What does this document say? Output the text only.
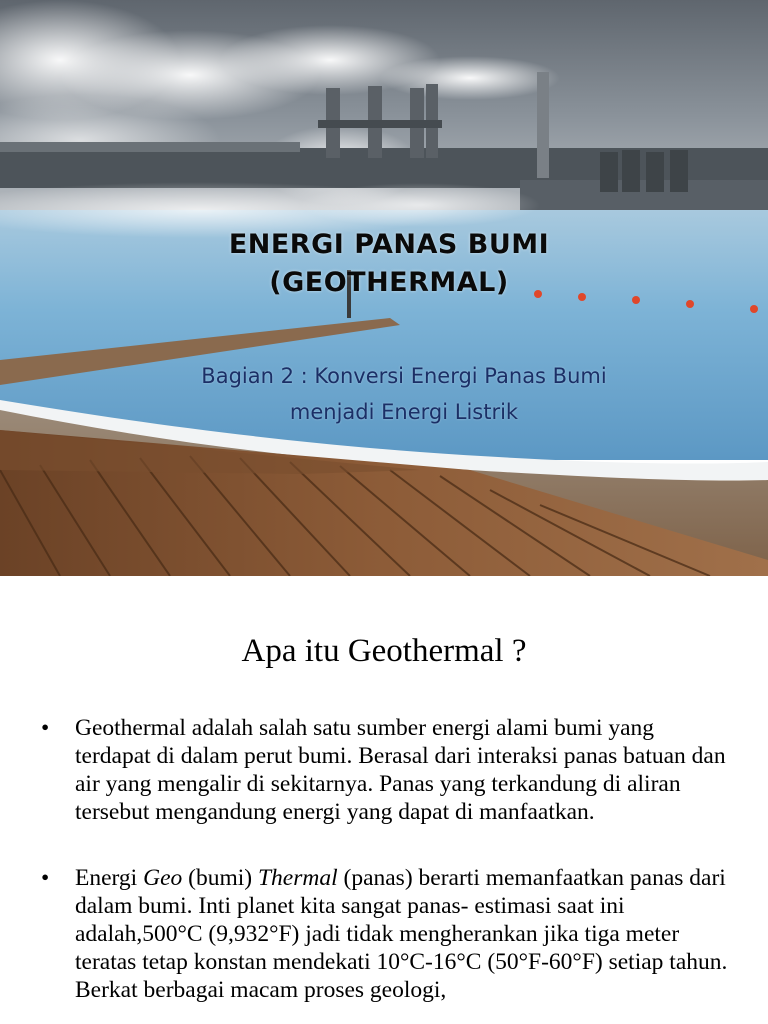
ENERGI PANAS BUMI
(GEOTHERMAL)
Bagian 2 : Konversi Energi Panas Bumi
menjadi Energi Listrik
Apa itu Geothermal ?
• Geothermal adalah salah satu sumber energi alami bumi yang terdapat di dalam perut bumi. Berasal dari interaksi panas batuan dan air yang mengalir di sekitarnya. Panas yang terkandung di aliran tersebut mengandung energi yang dapat di manfaatkan.
• Energi Geo (bumi) Thermal (panas) berarti memanfaatkan panas dari dalam bumi. Inti planet kita sangat panas- estimasi saat ini adalah,500°C (9,932°F) jadi tidak mengherankan jika tiga meter teratas tetap konstan mendekati 10°C-16°C (50°F-60°F) setiap tahun. Berkat berbagai macam proses geologi,
